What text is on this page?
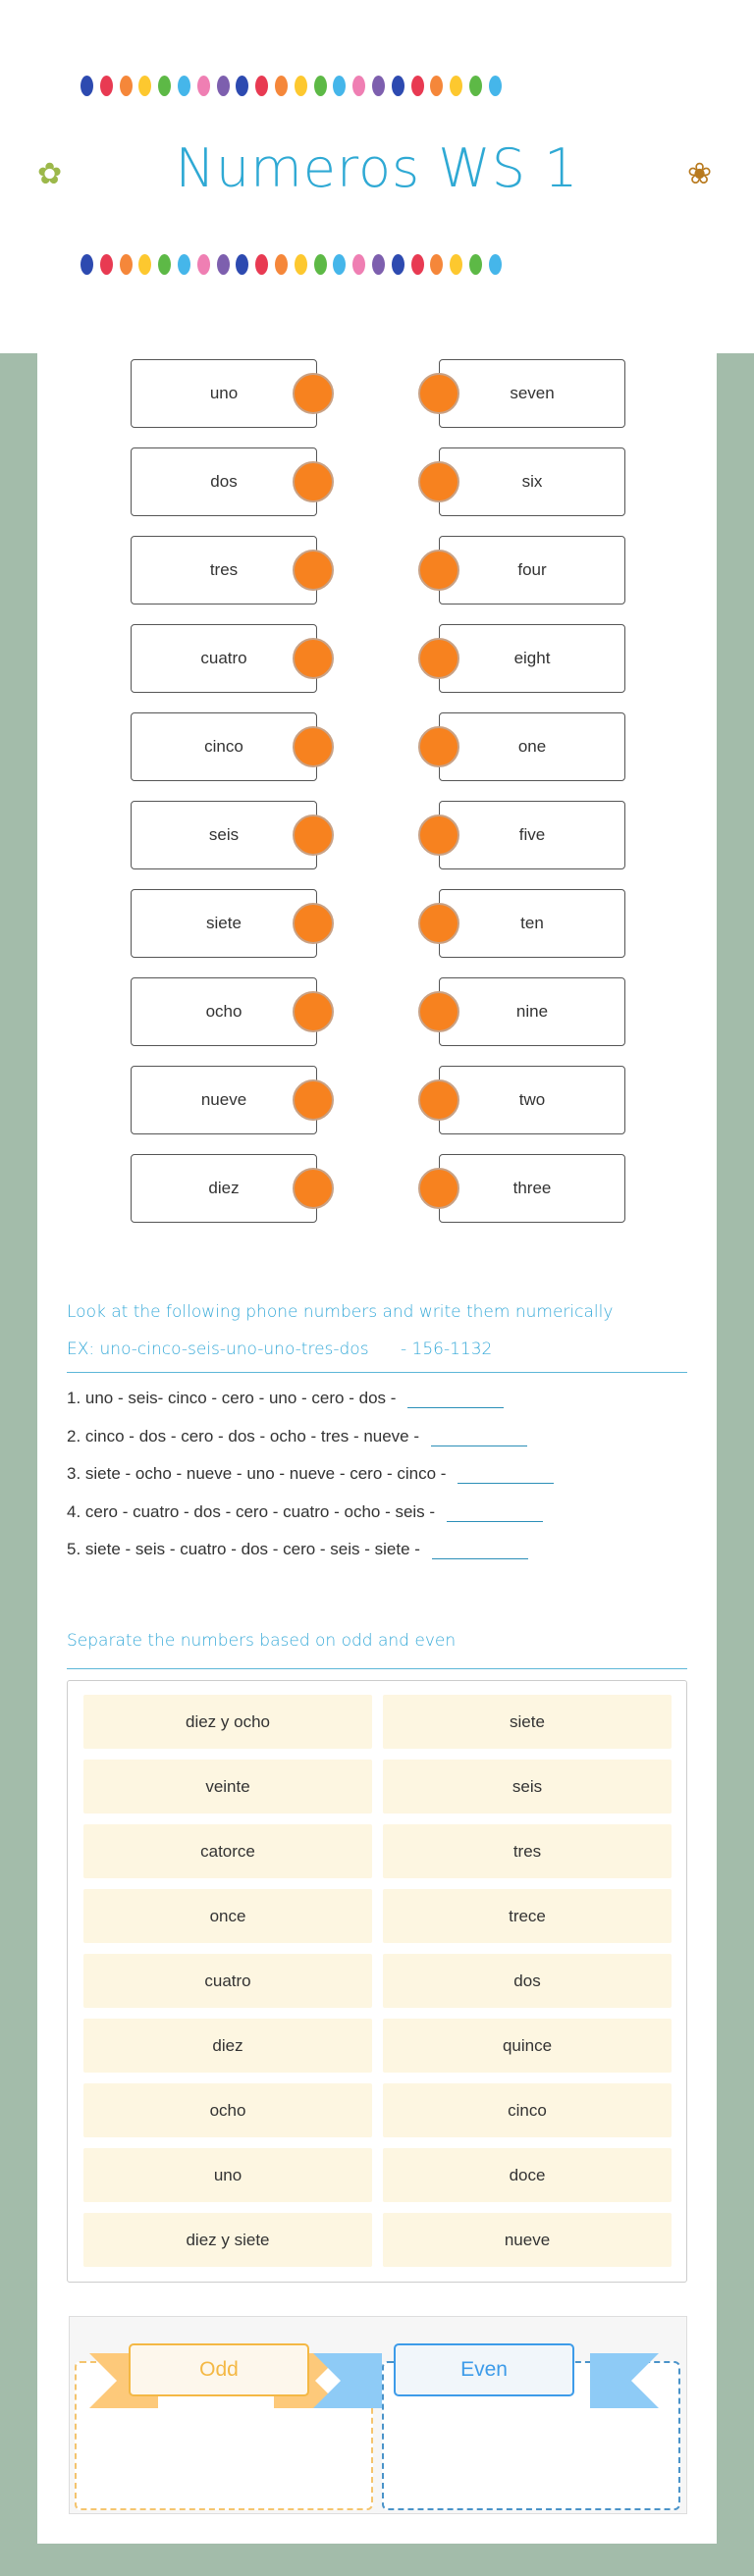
✿	Numeros WS 1	❀
uno	seven
dos	six
tres	four
cuatro	eight
cinco	one
seis	five
siete	ten
ocho	nine
nueve	two
diez	three
Look at the following phone numbers and write them numerically
EX: uno-cinco-seis-uno-uno-tres-dos      - 156-1132
1. uno - seis- cinco - cero - uno - cero - dos -
2. cinco - dos - cero - dos - ocho - tres - nueve -
3. siete - ocho - nueve - uno - nueve - cero - cinco -
4. cero - cuatro - dos - cero - cuatro - ocho - seis -
5. siete - seis - cuatro - dos - cero - seis - siete -
Separate the numbers based on odd and even
diez y ocho	siete
veinte	seis
catorce	tres
once	trece
cuatro	dos
diez	quince
ocho	cinco
uno	doce
diez y siete	nueve
Odd	Even
